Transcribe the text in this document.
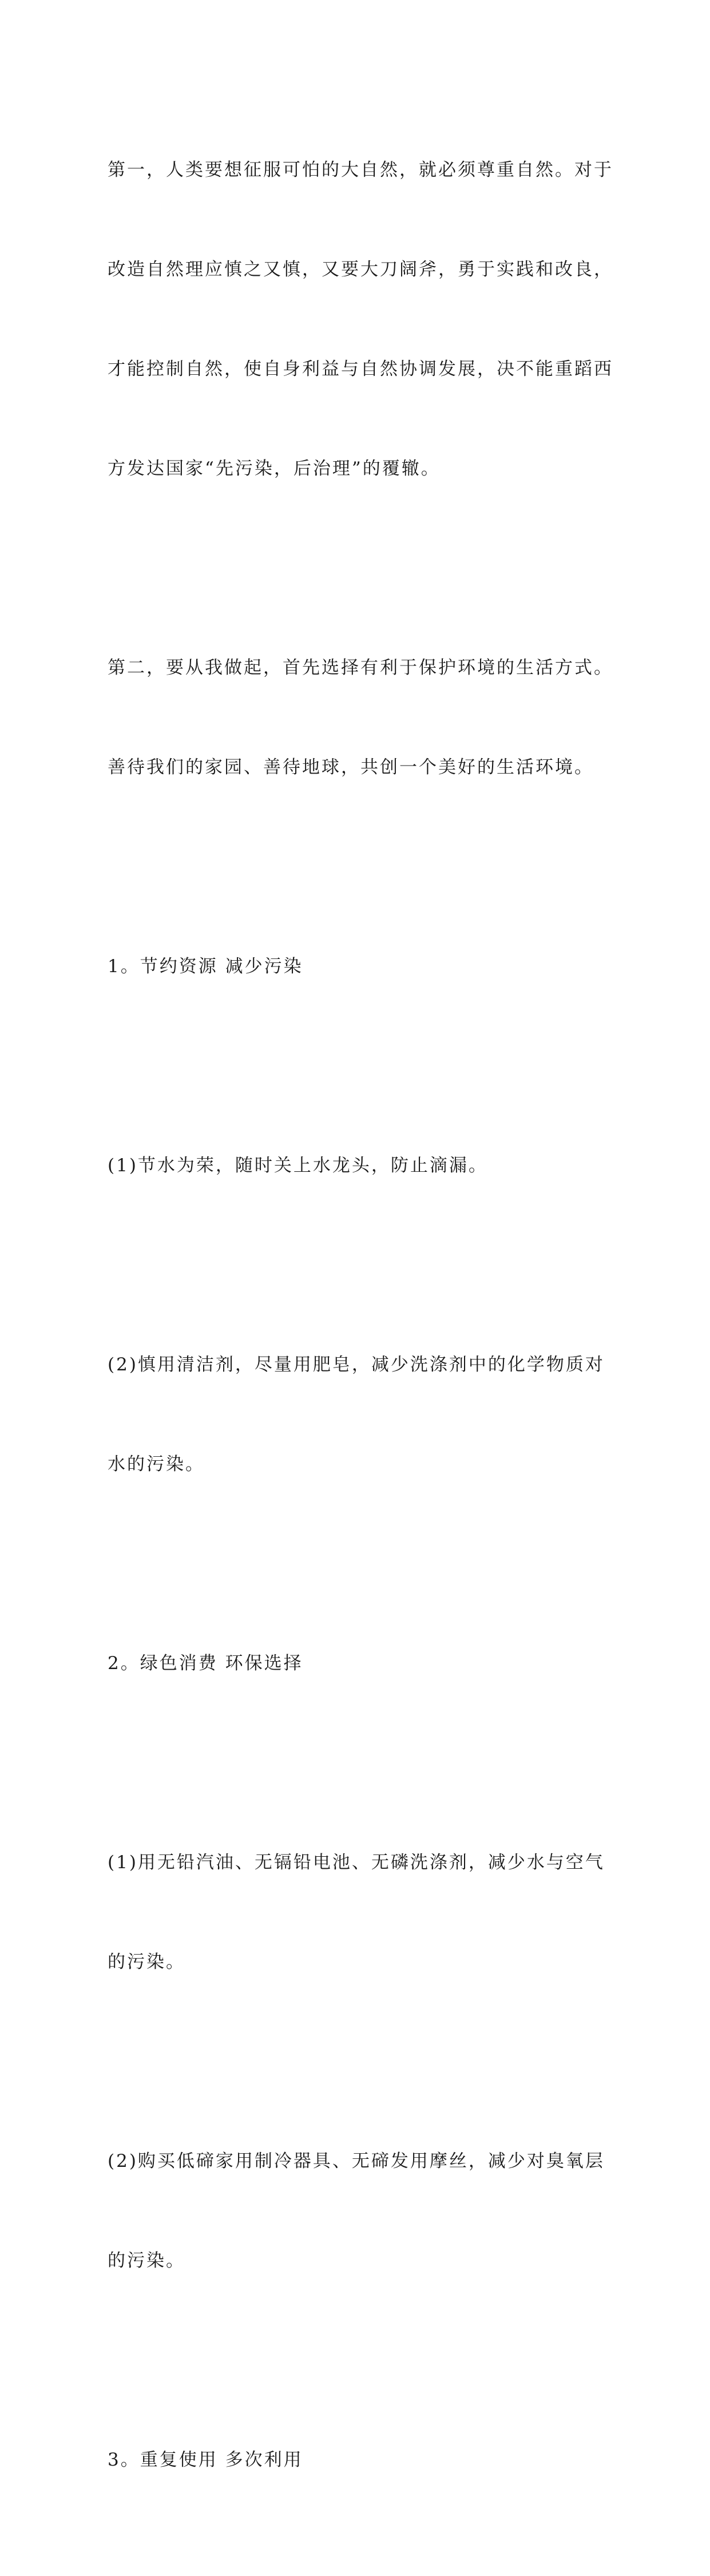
第一，人类要想征服可怕的大自然，就必须尊重自然。对于

改造自然理应慎之又慎，又要大刀阔斧，勇于实践和改良，

才能控制自然，使自身利益与自然协调发展，决不能重蹈西

方发达国家“先污染，后治理”的覆辙。

第二，要从我做起，首先选择有利于保护环境的生活方式。

善待我们的家园、善待地球，共创一个美好的生活环境。

1。节约资源 减少污染

(1)节水为荣，随时关上水龙头，防止滴漏。

(2)慎用清洁剂，尽量用肥皂，减少洗涤剂中的化学物质对

水的污染。

2。绿色消费 环保选择

(1)用无铅汽油、无镉铅电池、无磷洗涤剂，减少水与空气

的污染。

(2)购买低碲家用制冷器具、无碲发用摩丝，减少对臭氧层

的污染。

3。重复使用 多次利用
